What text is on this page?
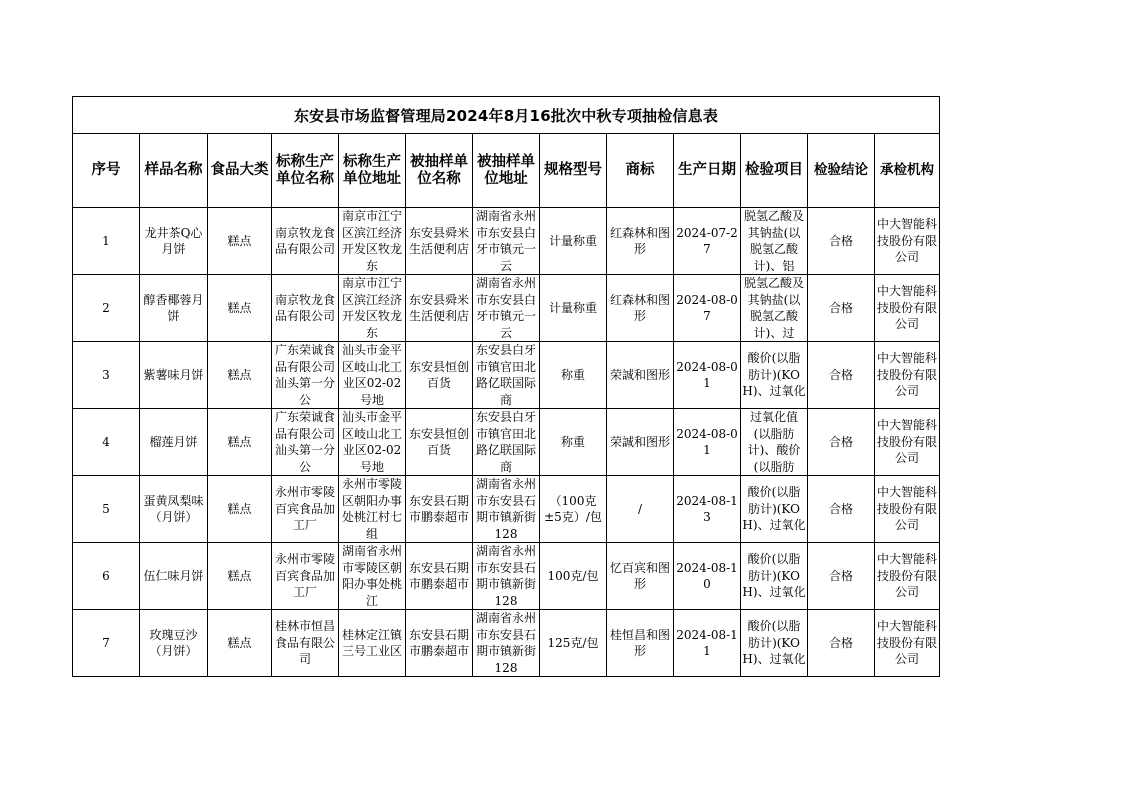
东安县市场监督管理局2024年8月16批次中秋专项抽检信息表												
序号	样品名称	食品大类	标称生产单位名称	标称生产单位地址	被抽样单位名称	被抽样单位地址	规格型号	商标	生产日期	检验项目	检验结论	承检机构

1	龙井茶Q心月饼	糕点	南京牧龙食品有限公司	南京市江宁区滨江经济开发区牧龙东	东安县舜米生活便利店	湖南省永州市东安县白牙市镇元一云	计量称重	红森林和图形	2024-07-27	脱氢乙酸及其钠盐(以脱氢乙酸计)、铝	合格	中大智能科技股份有限公司

2	醇香椰蓉月饼	糕点	南京牧龙食品有限公司	南京市江宁区滨江经济开发区牧龙东	东安县舜米生活便利店	湖南省永州市东安县白牙市镇元一云	计量称重	红森林和图形	2024-08-07	脱氢乙酸及其钠盐(以脱氢乙酸计)、过	合格	中大智能科技股份有限公司

3	紫薯味月饼	糕点	广东荣诚食品有限公司汕头第一分公	汕头市金平区岐山北工业区02-02号地	东安县恒创百货	东安县白牙市镇官田北路亿联国际商	称重	荣誠和图形	2024-08-01	酸价(以脂肪计)(KOH)、过氧化	合格	中大智能科技股份有限公司

4	榴莲月饼	糕点	广东荣诚食品有限公司汕头第一分公	汕头市金平区岐山北工业区02-02号地	东安县恒创百货	东安县白牙市镇官田北路亿联国际商	称重	荣誠和图形	2024-08-01	过氧化值(以脂肪计)、酸价(以脂肪	合格	中大智能科技股份有限公司

5	蛋黄凤梨味（月饼）	糕点	永州市零陵百宾食品加工厂	永州市零陵区朝阳办事处桃江村七组	东安县石期市鹏泰超市	湖南省永州市东安县石期市镇新街128	（100克±5克）/包	/	2024-08-13	酸价(以脂肪计)(KOH)、过氧化	合格	中大智能科技股份有限公司

6	伍仁味月饼	糕点	永州市零陵百宾食品加工厂	湖南省永州市零陵区朝阳办事处桃江	东安县石期市鹏泰超市	湖南省永州市东安县石期市镇新街128	100克/包	忆百宾和图形	2024-08-10	酸价(以脂肪计)(KOH)、过氧化	合格	中大智能科技股份有限公司

7	玫瑰豆沙（月饼）	糕点	桂林市恒昌食品有限公司	桂林定江镇三号工业区	东安县石期市鹏泰超市	湖南省永州市东安县石期市镇新街128	125克/包	桂恒昌和图形	2024-08-11	酸价(以脂肪计)(KOH)、过氧化	合格	中大智能科技股份有限公司
